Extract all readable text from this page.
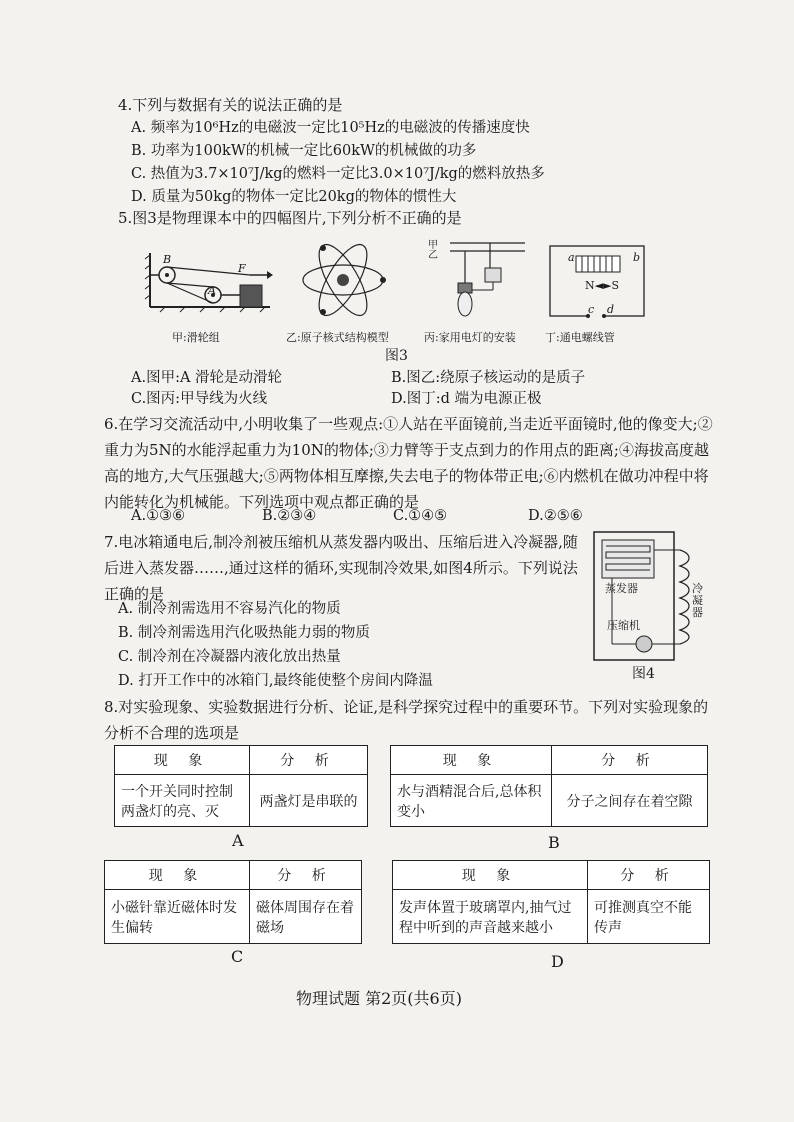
4.下列与数据有关的说法正确的是
A. 频率为10⁶Hz的电磁波一定比10⁵Hz的电磁波的传播速度快
B. 功率为100kW的机械一定比60kW的机械做的功多
C. 热值为3.7×10⁷J/kg的燃料一定比3.0×10⁷J/kg的燃料放热多
D. 质量为50kg的物体一定比20kg的物体的惯性大
5.图3是物理课本中的四幅图片,下列分析不正确的是
B
A
F
甲
乙	a	b
N◄►S
c d
甲:滑轮组	乙:原子核式结构模型	丙:家用电灯的安装	丁:通电螺线管
图3
A.图甲:A 滑轮是动滑轮	B.图乙:绕原子核运动的是质子
C.图丙:甲导线为火线	D.图丁:d 端为电源正极
6.在学习交流活动中,小明收集了一些观点:①人站在平面镜前,当走近平面镜时,他的像变大;②重力为5N的水能浮起重力为10N的物体;③力臂等于支点到力的作用点的距离;④海拔高度越高的地方,大气压强越大;⑤两物体相互摩擦,失去电子的物体带正电;⑥内燃机在做功冲程中将内能转化为机械能。下列选项中观点都正确的是
A.①③⑥	B.②③④	C.①④⑤	D.②⑤⑥
7.电冰箱通电后,制冷剂被压缩机从蒸发器内吸出、压缩后进入冷凝器,随后进入蒸发器……,通过这样的循环,实现制冷效果,如图4所示。下列说法正确的是
A. 制冷剂需选用不容易汽化的物质
B. 制冷剂需选用汽化吸热能力弱的物质
C. 制冷剂在冷凝器内液化放出热量
D. 打开工作中的冰箱门,最终能使整个房间内降温
蒸发器	冷凝器
压缩机
图4
8.对实验现象、实验数据进行分析、论证,是科学探究过程中的重要环节。下列对实验现象的分析不合理的选项是
现 象	分 析
一个开关同时控制两盏灯的亮、灭	两盏灯是串联的
A
现 象	分 析
水与酒精混合后,总体积变小	分子之间存在着空隙
B
现 象	分 析
小磁针靠近磁体时发生偏转	磁体周围存在着磁场
C
现 象	分 析
发声体置于玻璃罩内,抽气过程中听到的声音越来越小	可推测真空不能传声
D
物理试题 第2页(共6页)
